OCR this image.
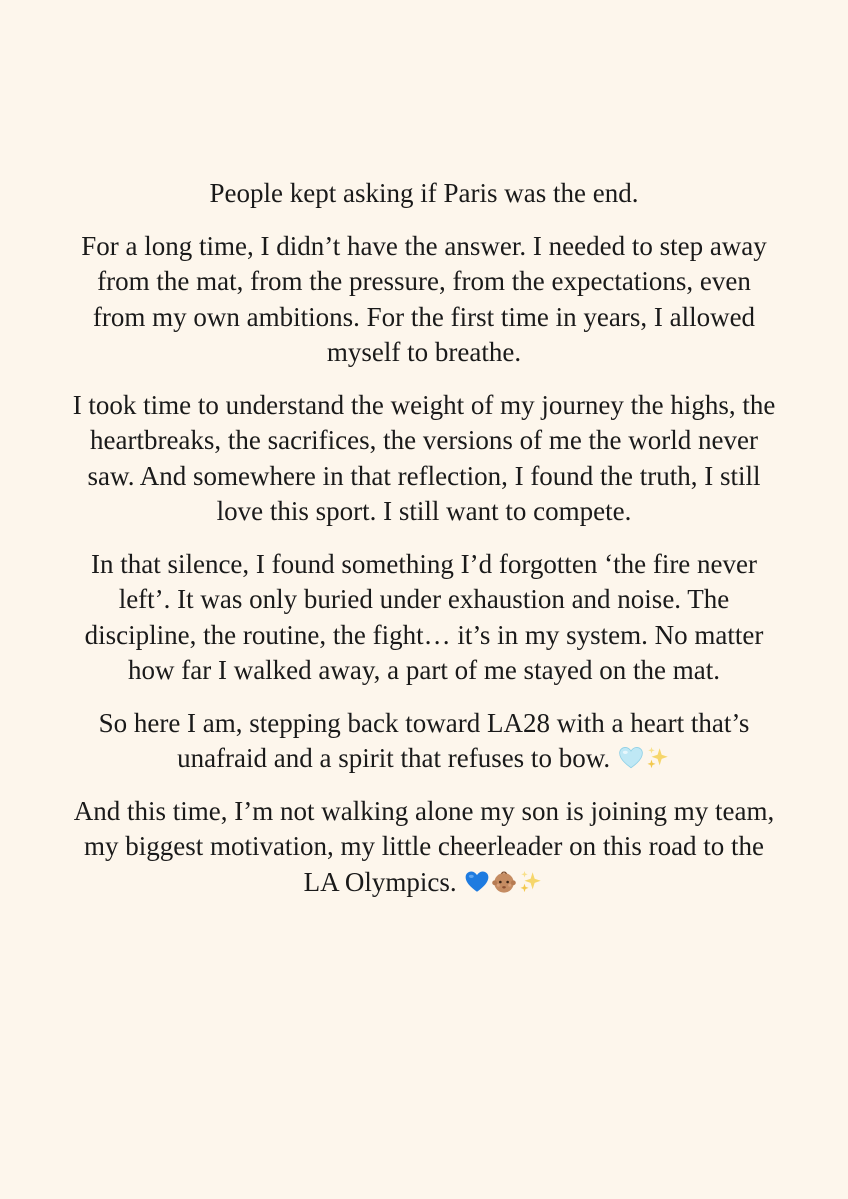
People kept asking if Paris was the end.

For a long time, I didn’t have the answer. I needed to step away from the mat, from the pressure, from the expectations, even from my own ambitions. For the first time in years, I allowed myself to breathe.

I took time to understand the weight of my journey the highs, the heartbreaks, the sacrifices, the versions of me the world never saw. And somewhere in that reflection, I found the truth, I still love this sport. I still want to compete.

In that silence, I found something I’d forgotten ‘the fire never left’. It was only buried under exhaustion and noise. The discipline, the routine, the fight… it’s in my system. No matter how far I walked away, a part of me stayed on the mat.

So here I am, stepping back toward LA28 with a heart that’s unafraid and a spirit that refuses to bow.

And this time, I’m not walking alone my son is joining my team, my biggest motivation, my little cheerleader on this road to the LA Olympics.
